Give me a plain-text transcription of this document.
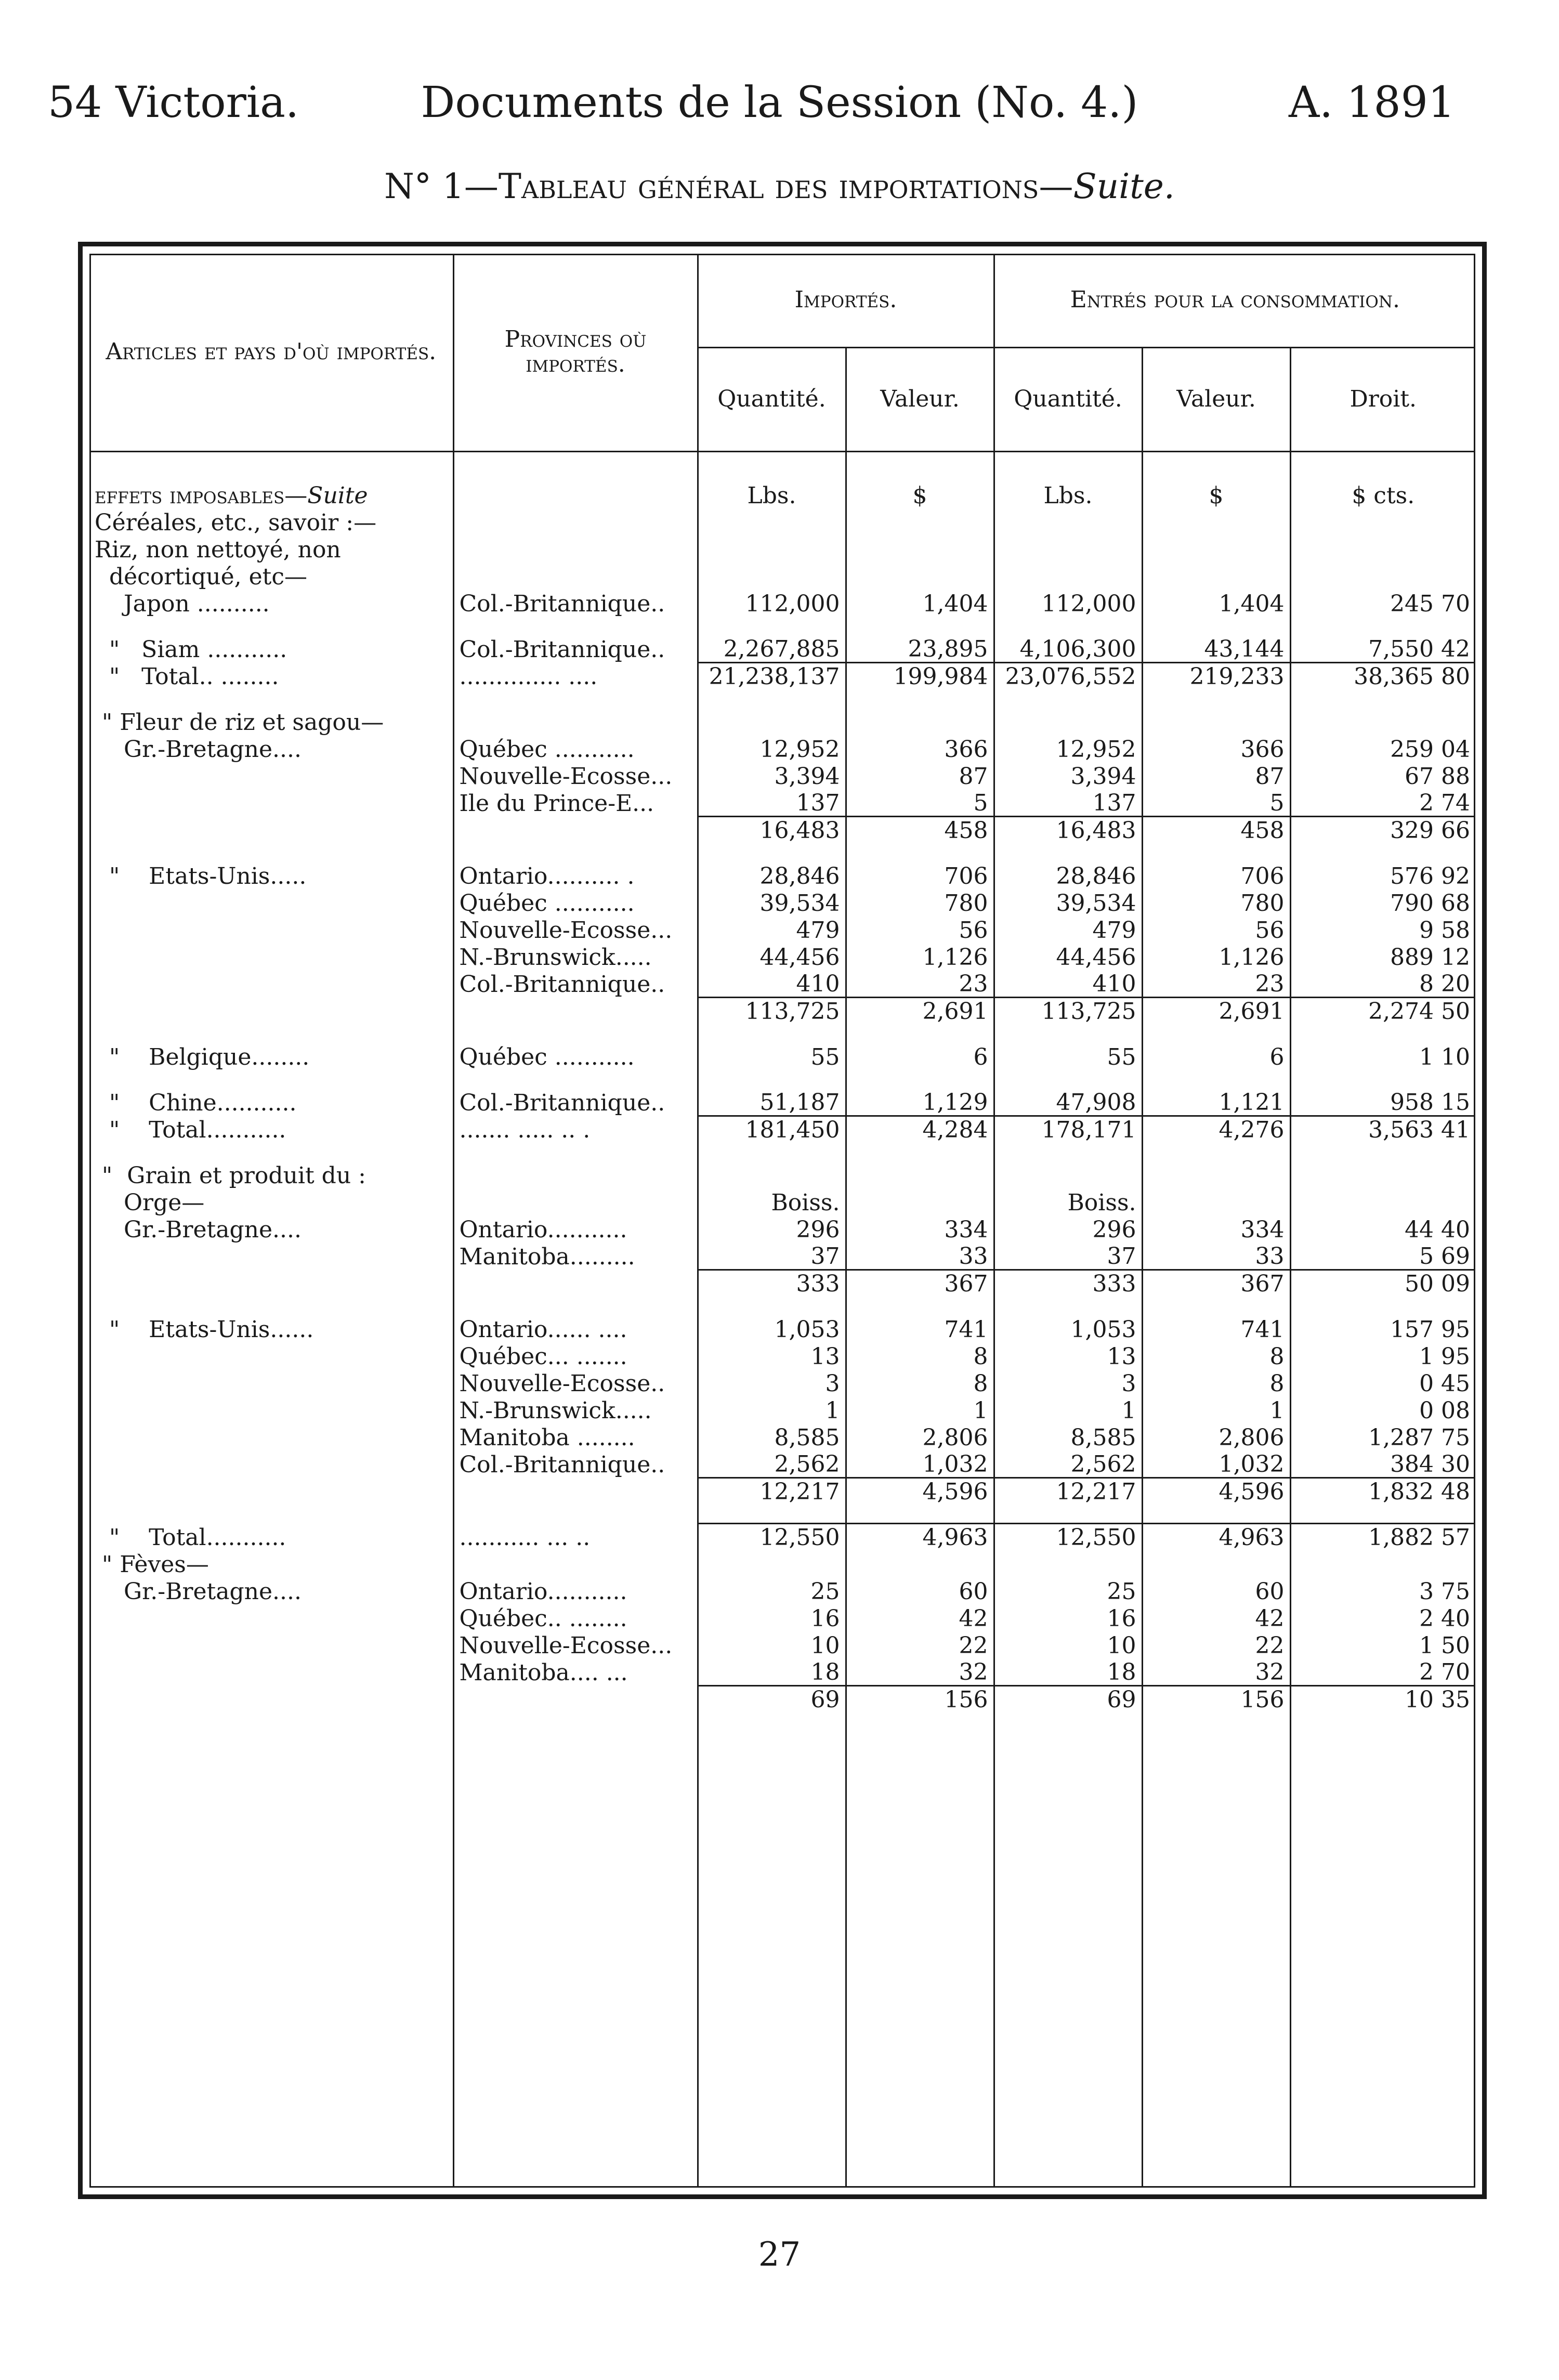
54 Victoria.	Documents de la Session (No. 4.)	A. 1891
N° 1—Tableau général des importations—Suite.
Articles et pays d'où importés.	Provinces où importés.	Importés.		Entrés pour la consommation.		
		Quantité.	Valeur.	Quantité.	Valeur.	Droit.
effets imposables—Suite		Lbs.	$	Lbs.	$	$ cts.
Céréales, etc., savoir :—						
Riz, non nettoyé, non						
décortiqué, etc—						
Japon ..........	Col.-Britannique..	112,000	1,404	112,000	1,404	245 70

"   Siam ...........	Col.-Britannique..	2,267,885	23,895	4,106,300	43,144	7,550 42
"   Total.. ........	.............. ....	21,238,137	199,984	23,076,552	219,233	38,365 80

" Fleur de riz et sagou—						
Gr.-Bretagne....	Québec ...........	12,952	366	12,952	366	259 04
	Nouvelle-Ecosse...	3,394	87	3,394	87	67 88
	Ile du Prince-E...	137	5	137	5	2 74
		16,483	458	16,483	458	329 66

"    Etats-Unis.....	Ontario.......... .	28,846	706	28,846	706	576 92
	Québec ...........	39,534	780	39,534	780	790 68
	Nouvelle-Ecosse...	479	56	479	56	9 58
	N.-Brunswick.....	44,456	1,126	44,456	1,126	889 12
	Col.-Britannique..	410	23	410	23	8 20
		113,725	2,691	113,725	2,691	2,274 50

"    Belgique........	Québec ...........	55	6	55	6	1 10

"    Chine...........	Col.-Britannique..	51,187	1,129	47,908	1,121	958 15
"    Total...........	....... ..... .. .	181,450	4,284	178,171	4,276	3,563 41

"  Grain et produit du :						
Orge—		Boiss.		Boiss.		
Gr.-Bretagne....	Ontario...........	296	334	296	334	44 40
	Manitoba.........	37	33	37	33	5 69
		333	367	333	367	50 09

"    Etats-Unis......	Ontario...... ....	1,053	741	1,053	741	157 95
	Québec... .......	13	8	13	8	1 95
	Nouvelle-Ecosse..	3	8	3	8	0 45
	N.-Brunswick.....	1	1	1	1	0 08
	Manitoba ........	8,585	2,806	8,585	2,806	1,287 75
	Col.-Britannique..	2,562	1,032	2,562	1,032	384 30
		12,217	4,596	12,217	4,596	1,832 48

"    Total...........	........... ... ..	12,550	4,963	12,550	4,963	1,882 57
" Fèves—						
Gr.-Bretagne....	Ontario...........	25	60	25	60	3 75
	Québec.. ........	16	42	16	42	2 40
	Nouvelle-Ecosse...	10	22	10	22	1 50
	Manitoba.... ...	18	32	18	32	2 70
		69	156	69	156	10 35

27
